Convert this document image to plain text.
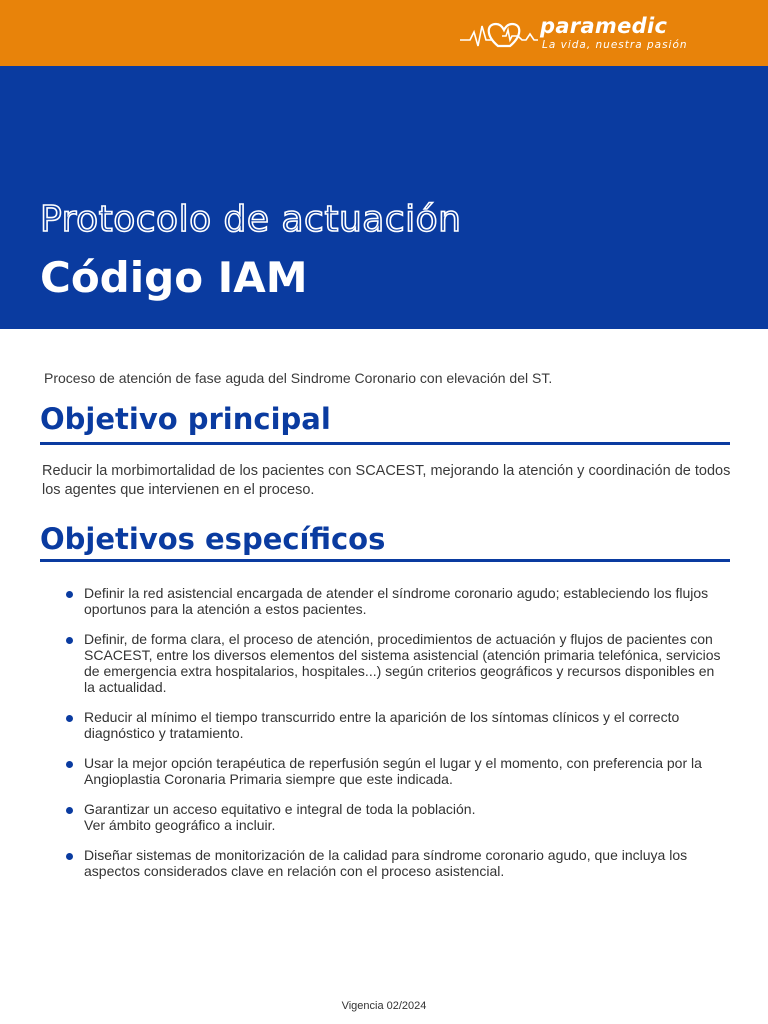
paramedic
La vida, nuestra pasión
Protocolo de actuación
Código IAM
Proceso de atención de fase aguda del Sindrome Coronario con elevación del ST.
Objetivo principal
Reducir la morbimortalidad de los pacientes con SCACEST, mejorando la atención y coordinación de todos los agentes que intervienen en el proceso.
Objetivos específicos
Definir la red asistencial encargada de atender el síndrome coronario agudo; estableciendo los flujos oportunos para la atención a estos pacientes.
Definir, de forma clara, el proceso de atención, procedimientos de actuación y flujos de pacientes con SCACEST, entre los diversos elementos del sistema asistencial (atención primaria telefónica, servicios de emergencia extra hospitalarios, hospitales...) según criterios geográficos y recursos disponibles en la actualidad.
Reducir al mínimo el tiempo transcurrido entre la aparición de los síntomas clínicos y el correcto diagnóstico y tratamiento.
Usar la mejor opción terapéutica de reperfusión según el lugar y el momento, con preferencia por la Angioplastia Coronaria Primaria siempre que este indicada.
Garantizar un acceso equitativo e integral de toda la población.
Ver ámbito geográfico a incluir.
Diseñar sistemas de monitorización de la calidad para síndrome coronario agudo, que incluya los aspectos considerados clave en relación con el proceso asistencial.
Vigencia 02/2024
